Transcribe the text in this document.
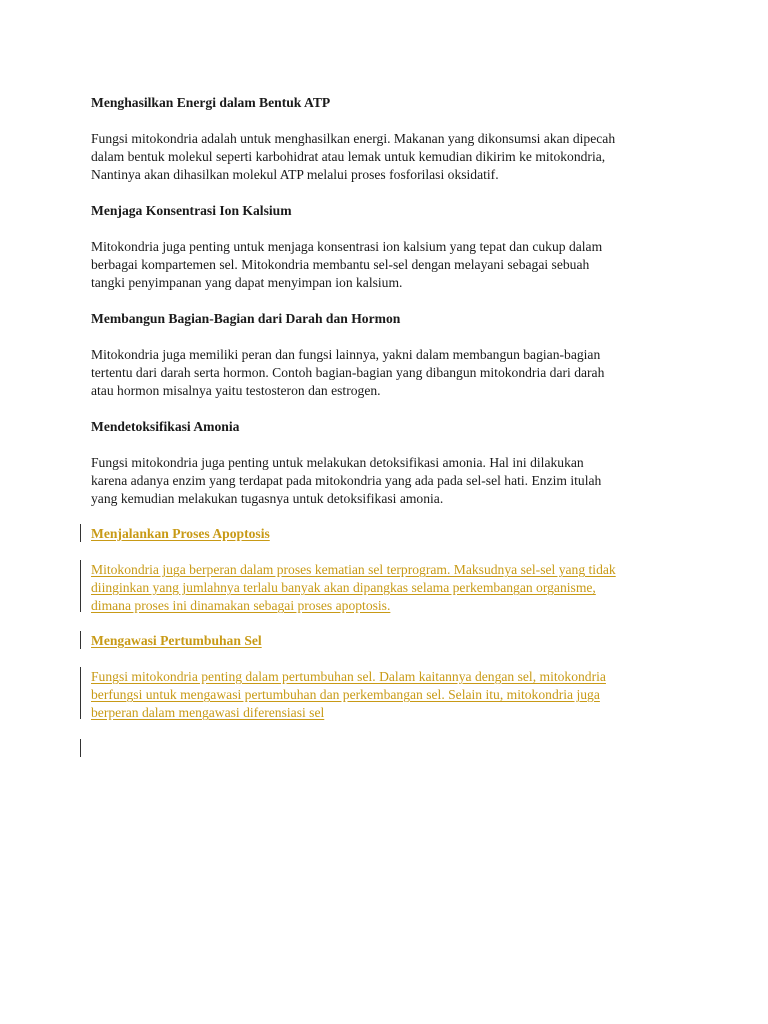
Menghasilkan Energi dalam Bentuk ATP

Fungsi mitokondria adalah untuk menghasilkan energi. Makanan yang dikonsumsi akan dipecah
dalam bentuk molekul seperti karbohidrat atau lemak untuk kemudian dikirim ke mitokondria,
Nantinya akan dihasilkan molekul ATP melalui proses fosforilasi oksidatif.

Menjaga Konsentrasi Ion Kalsium

Mitokondria juga penting untuk menjaga konsentrasi ion kalsium yang tepat dan cukup dalam
berbagai kompartemen sel. Mitokondria membantu sel-sel dengan melayani sebagai sebuah
tangki penyimpanan yang dapat menyimpan ion kalsium.

Membangun Bagian-Bagian dari Darah dan Hormon

Mitokondria juga memiliki peran dan fungsi lainnya, yakni dalam membangun bagian-bagian
tertentu dari darah serta hormon. Contoh bagian-bagian yang dibangun mitokondria dari darah
atau hormon misalnya yaitu testosteron dan estrogen.

Mendetoksifikasi Amonia

Fungsi mitokondria juga penting untuk melakukan detoksifikasi amonia. Hal ini dilakukan
karena adanya enzim yang terdapat pada mitokondria yang ada pada sel-sel hati. Enzim itulah
yang kemudian melakukan tugasnya untuk detoksifikasi amonia.

Menjalankan Proses Apoptosis

Mitokondria juga berperan dalam proses kematian sel terprogram. Maksudnya sel-sel yang tidak
diinginkan yang jumlahnya terlalu banyak akan dipangkas selama perkembangan organisme,
dimana proses ini dinamakan sebagai proses apoptosis.

Mengawasi Pertumbuhan Sel

Fungsi mitokondria penting dalam pertumbuhan sel. Dalam kaitannya dengan sel, mitokondria
berfungsi untuk mengawasi pertumbuhan dan perkembangan sel. Selain itu, mitokondria juga
berperan dalam mengawasi diferensiasi sel
